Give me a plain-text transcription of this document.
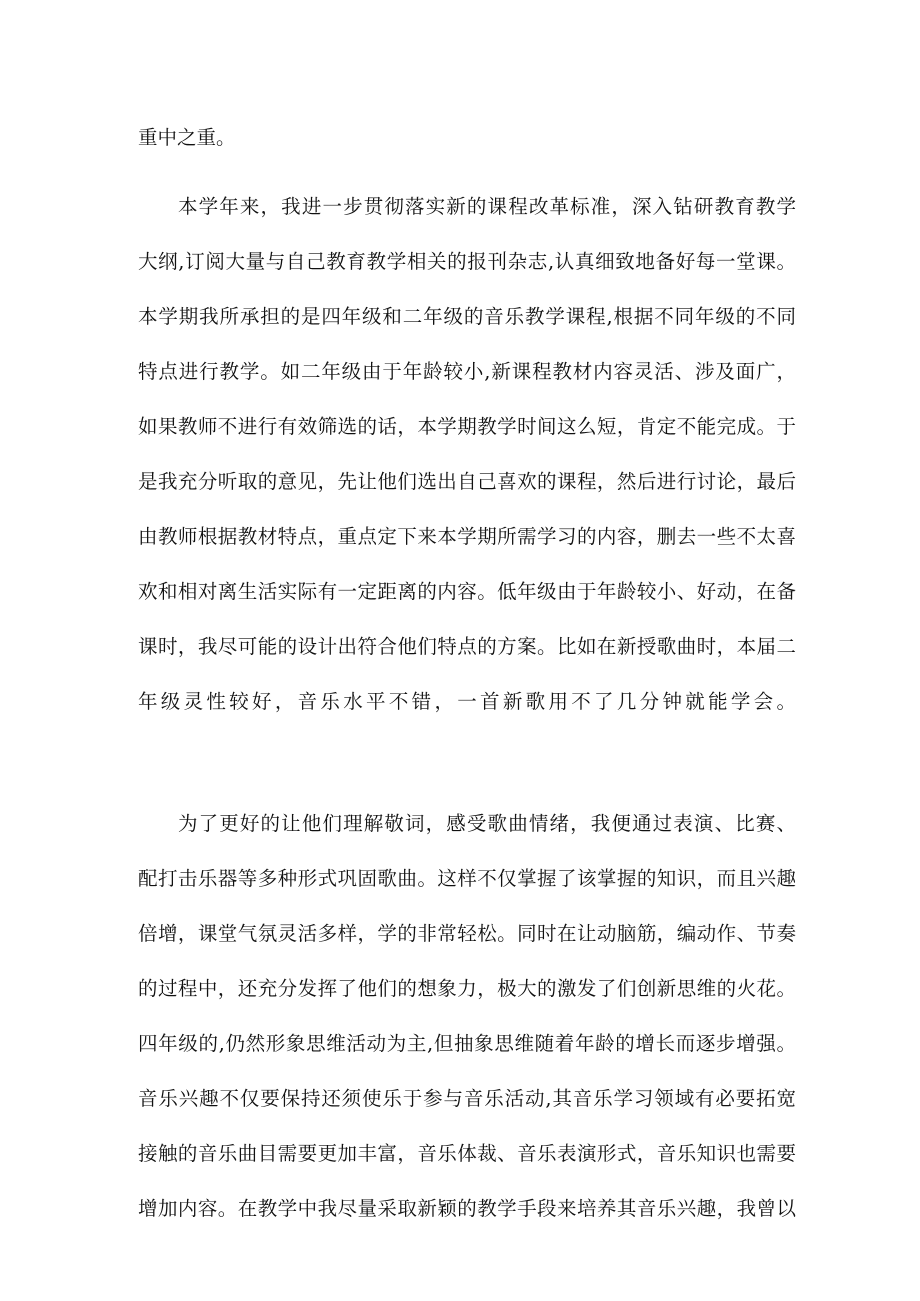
重中之重。
本学年来，我进一步贯彻落实新的课程改革标准，深入钻研教育教学
大纲,订阅大量与自己教育教学相关的报刊杂志,认真细致地备好每一堂课。
本学期我所承担的是四年级和二年级的音乐教学课程,根据不同年级的不同
特点进行教学。如二年级由于年龄较小,新课程教材内容灵活、涉及面广，
如果教师不进行有效筛选的话，本学期教学时间这么短，肯定不能完成。于
是我充分听取的意见，先让他们选出自己喜欢的课程，然后进行讨论，最后
由教师根据教材特点，重点定下来本学期所需学习的内容，删去一些不太喜
欢和相对离生活实际有一定距离的内容。低年级由于年龄较小、好动，在备
课时，我尽可能的设计出符合他们特点的方案。比如在新授歌曲时，本届二
年级灵性较好，音乐水平不错，一首新歌用不了几分钟就能学会。
为了更好的让他们理解敬词，感受歌曲情绪，我便通过表演、比赛、
配打击乐器等多种形式巩固歌曲。这样不仅掌握了该掌握的知识，而且兴趣
倍增，课堂气氛灵活多样，学的非常轻松。同时在让动脑筋，编动作、节奏
的过程中，还充分发挥了他们的想象力，极大的激发了们创新思维的火花。
四年级的,仍然形象思维活动为主,但抽象思维随着年龄的增长而逐步增强。
音乐兴趣不仅要保持还须使乐于参与音乐活动,其音乐学习领域有必要拓宽
接触的音乐曲目需要更加丰富，音乐体裁、音乐表演形式，音乐知识也需要
增加内容。在教学中我尽量采取新颖的教学手段来培养其音乐兴趣，我曾以
